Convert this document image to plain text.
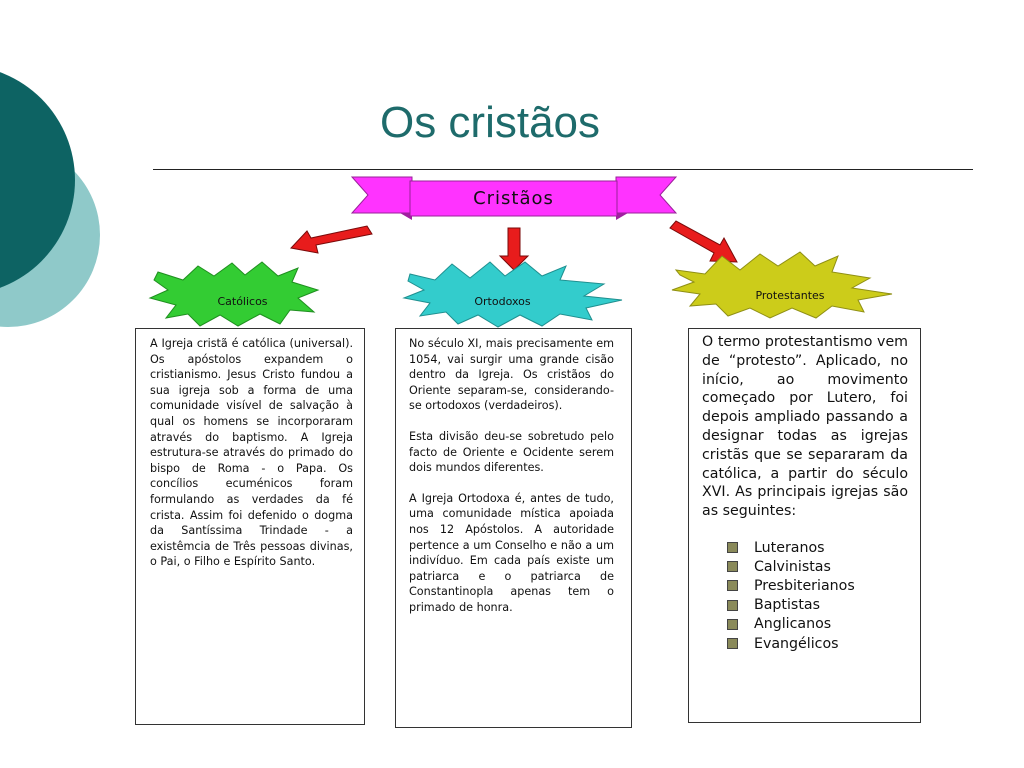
Os cristãos
Cristãos
Católicos	Ortodoxos	Protestantes

A Igreja cristã é católica (universal). Os apóstolos expandem o cristianismo. Jesus Cristo fundou a sua igreja sob a forma de uma comunidade visível de salvação à qual os homens se incorporaram através do baptismo. A Igreja estrutura-se através do primado do bispo de Roma - o Papa. Os concílios ecuménicos foram formulando as verdades da fé crista. Assim foi defenido o dogma da Santíssima Trindade - a existêmcia de Três pessoas divinas, o Pai, o Filho e Espírito Santo.

No século XI, mais precisamente em 1054, vai surgir uma grande cisão dentro da Igreja. Os cristãos do Oriente separam-se, considerando-se ortodoxos (verdadeiros).

Esta divisão deu-se sobretudo pelo facto de Oriente e Ocidente serem dois mundos diferentes.

A Igreja Ortodoxa é, antes de tudo, uma comunidade mística apoiada nos 12 Apóstolos. A autoridade pertence a um Conselho e não a um indivíduo. Em cada país existe um patriarca e o patriarca de Constantinopla apenas tem o primado de honra.

O termo protestantismo vem de “protesto”. Aplicado, no início, ao movimento começado por Lutero, foi depois ampliado passando a designar todas as igrejas cristãs que se separaram da católica, a partir do século XVI. As principais igrejas são as seguintes:
Luteranos
Calvinistas
Presbiterianos
Baptistas
Anglicanos
Evangélicos
